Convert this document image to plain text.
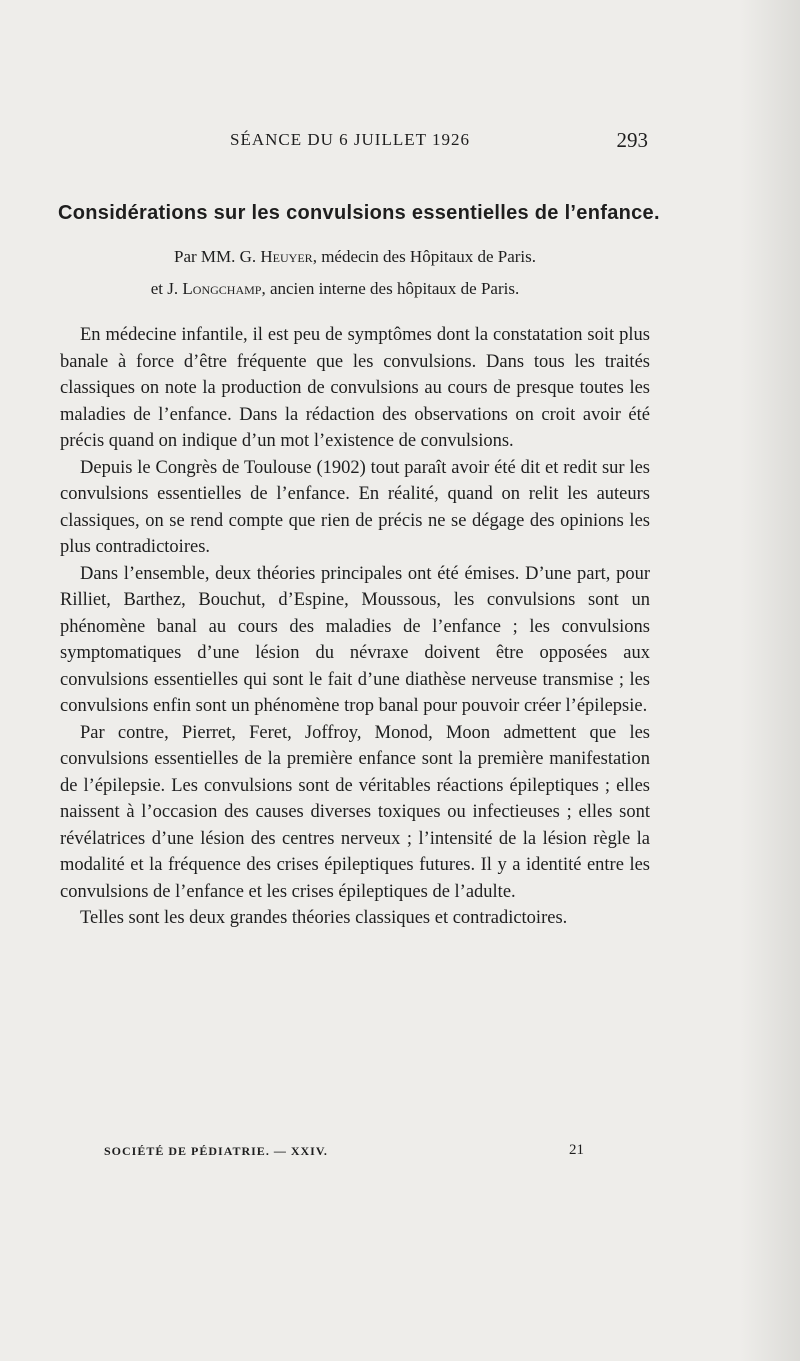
SÉANCE DU 6 JUILLET 1926	293
Considérations sur les convulsions essentielles de l’enfance.
Par MM. G. Heuyer, médecin des Hôpitaux de Paris.
et J. Longchamp, ancien interne des hôpitaux de Paris.

En médecine infantile, il est peu de symptômes dont la constatation soit plus banale à force d’être fréquente que les convulsions. Dans tous les traités classiques on note la production de convulsions au cours de presque toutes les maladies de l’enfance. Dans la rédaction des observations on croit avoir été précis quand on indique d’un mot l’existence de convulsions.

Depuis le Congrès de Toulouse (1902) tout paraît avoir été dit et redit sur les convulsions essentielles de l’enfance. En réalité, quand on relit les auteurs classiques, on se rend compte que rien de précis ne se dégage des opinions les plus contradictoires.

Dans l’ensemble, deux théories principales ont été émises. D’une part, pour Rilliet, Barthez, Bouchut, d’Espine, Moussous, les convulsions sont un phénomène banal au cours des maladies de l’enfance ; les convulsions symptomatiques d’une lésion du névraxe doivent être opposées aux convulsions essentielles qui sont le fait d’une diathèse nerveuse transmise ; les convulsions enfin sont un phénomène trop banal pour pouvoir créer l’épilepsie.

Par contre, Pierret, Feret, Joffroy, Monod, Moon admettent que les convulsions essentielles de la première enfance sont la première manifestation de l’épilepsie. Les convulsions sont de véritables réactions épileptiques ; elles naissent à l’occasion des causes diverses toxiques ou infectieuses ; elles sont révélatrices d’une lésion des centres nerveux ; l’intensité de la lésion règle la modalité et la fréquence des crises épileptiques futures. Il y a identité entre les convulsions de l’enfance et les crises épileptiques de l’adulte.

Telles sont les deux grandes théories classiques et contradictoires.

SOCIÉTÉ DE PÉDIATRIE. — XXIV.	21
